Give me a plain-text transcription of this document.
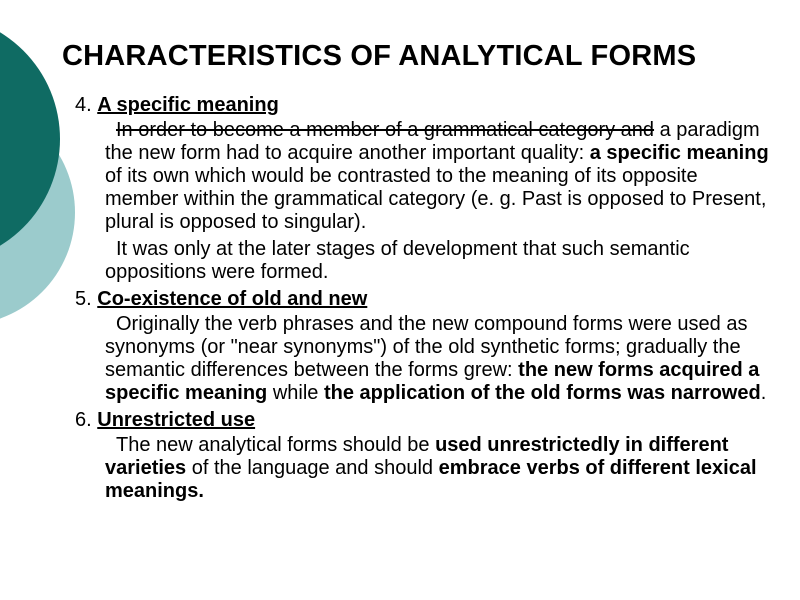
CHARACTERISTICS OF ANALYTICAL FORMS

4. A specific meaning

In order to become a member of a grammatical category and a paradigm the new form had to acquire another important quality: a specific meaning of its own which would be contrasted to the meaning of its opposite member within the grammatical category (e. g. Past is opposed to Present, plural is opposed to singular).

It was only at the later stages of development that such semantic oppositions were formed.

5. Co-existence of old and new

Originally the verb phrases and the new compound forms were used as synonyms (or "near synonyms") of the old synthetic forms; gradually the semantic differences between the forms grew: the new forms acquired a specific meaning while the application of the old forms was narrowed.

6. Unrestricted use

The new analytical forms should be used unrestrictedly in different varieties of the language and should embrace verbs of different lexical meanings.
